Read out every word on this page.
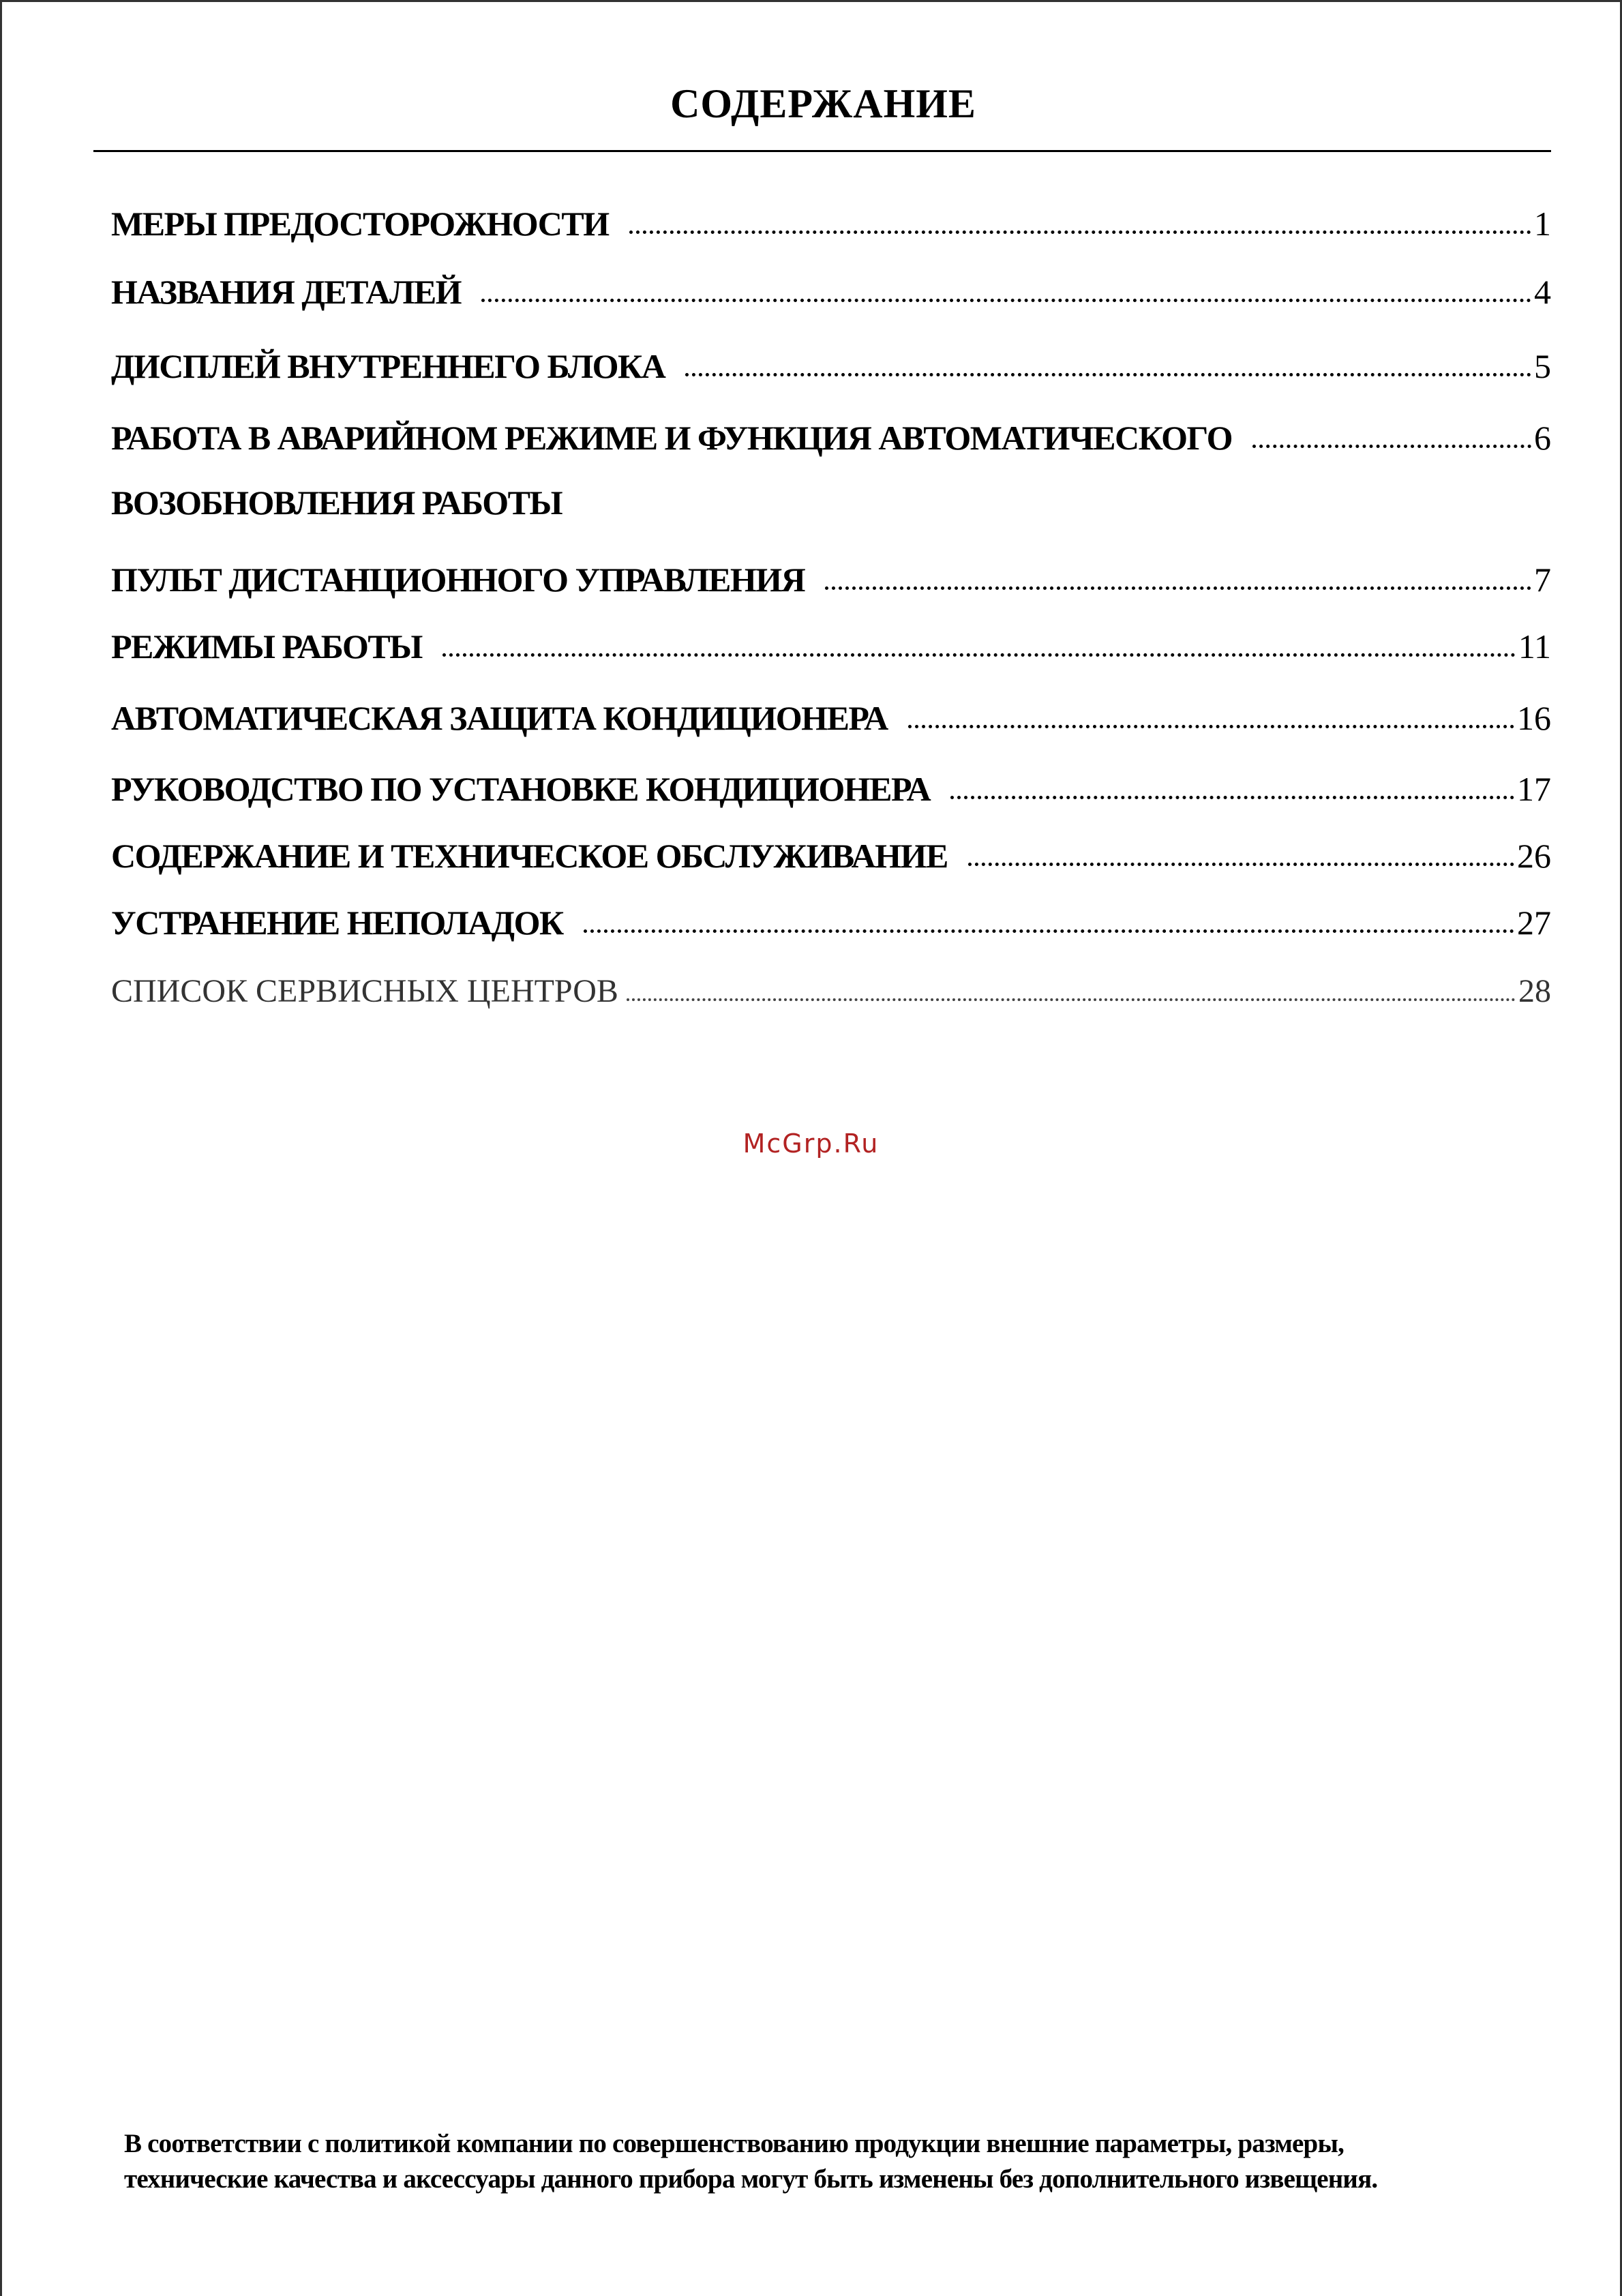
СОДЕРЖАНИЕ
МЕРЫ ПРЕДОСТОРОЖНОСТИ	1
НАЗВАНИЯ ДЕТАЛЕЙ	4
ДИСПЛЕЙ ВНУТРЕННЕГО БЛОКА	5
РАБОТА В АВАРИЙНОМ РЕЖИМЕ И ФУНКЦИЯ АВТОМАТИЧЕСКОГО	6
ВОЗОБНОВЛЕНИЯ РАБОТЫ
ПУЛЬТ ДИСТАНЦИОННОГО УПРАВЛЕНИЯ	7
РЕЖИМЫ РАБОТЫ	11
АВТОМАТИЧЕСКАЯ ЗАЩИТА КОНДИЦИОНЕРА	16
РУКОВОДСТВО ПО УСТАНОВКЕ КОНДИЦИОНЕРА	17
СОДЕРЖАНИЕ И ТЕХНИЧЕСКОЕ ОБСЛУЖИВАНИЕ	26
УСТРАНЕНИЕ НЕПОЛАДОК	27
СПИСОК СЕРВИСНЫХ ЦЕНТРОВ	28
McGrp.Ru
В соответствии с политикой компании по совершенствованию продукции внешние параметры, размеры,
технические качества и аксессуары данного прибора могут быть изменены без дополнительного извещения.
